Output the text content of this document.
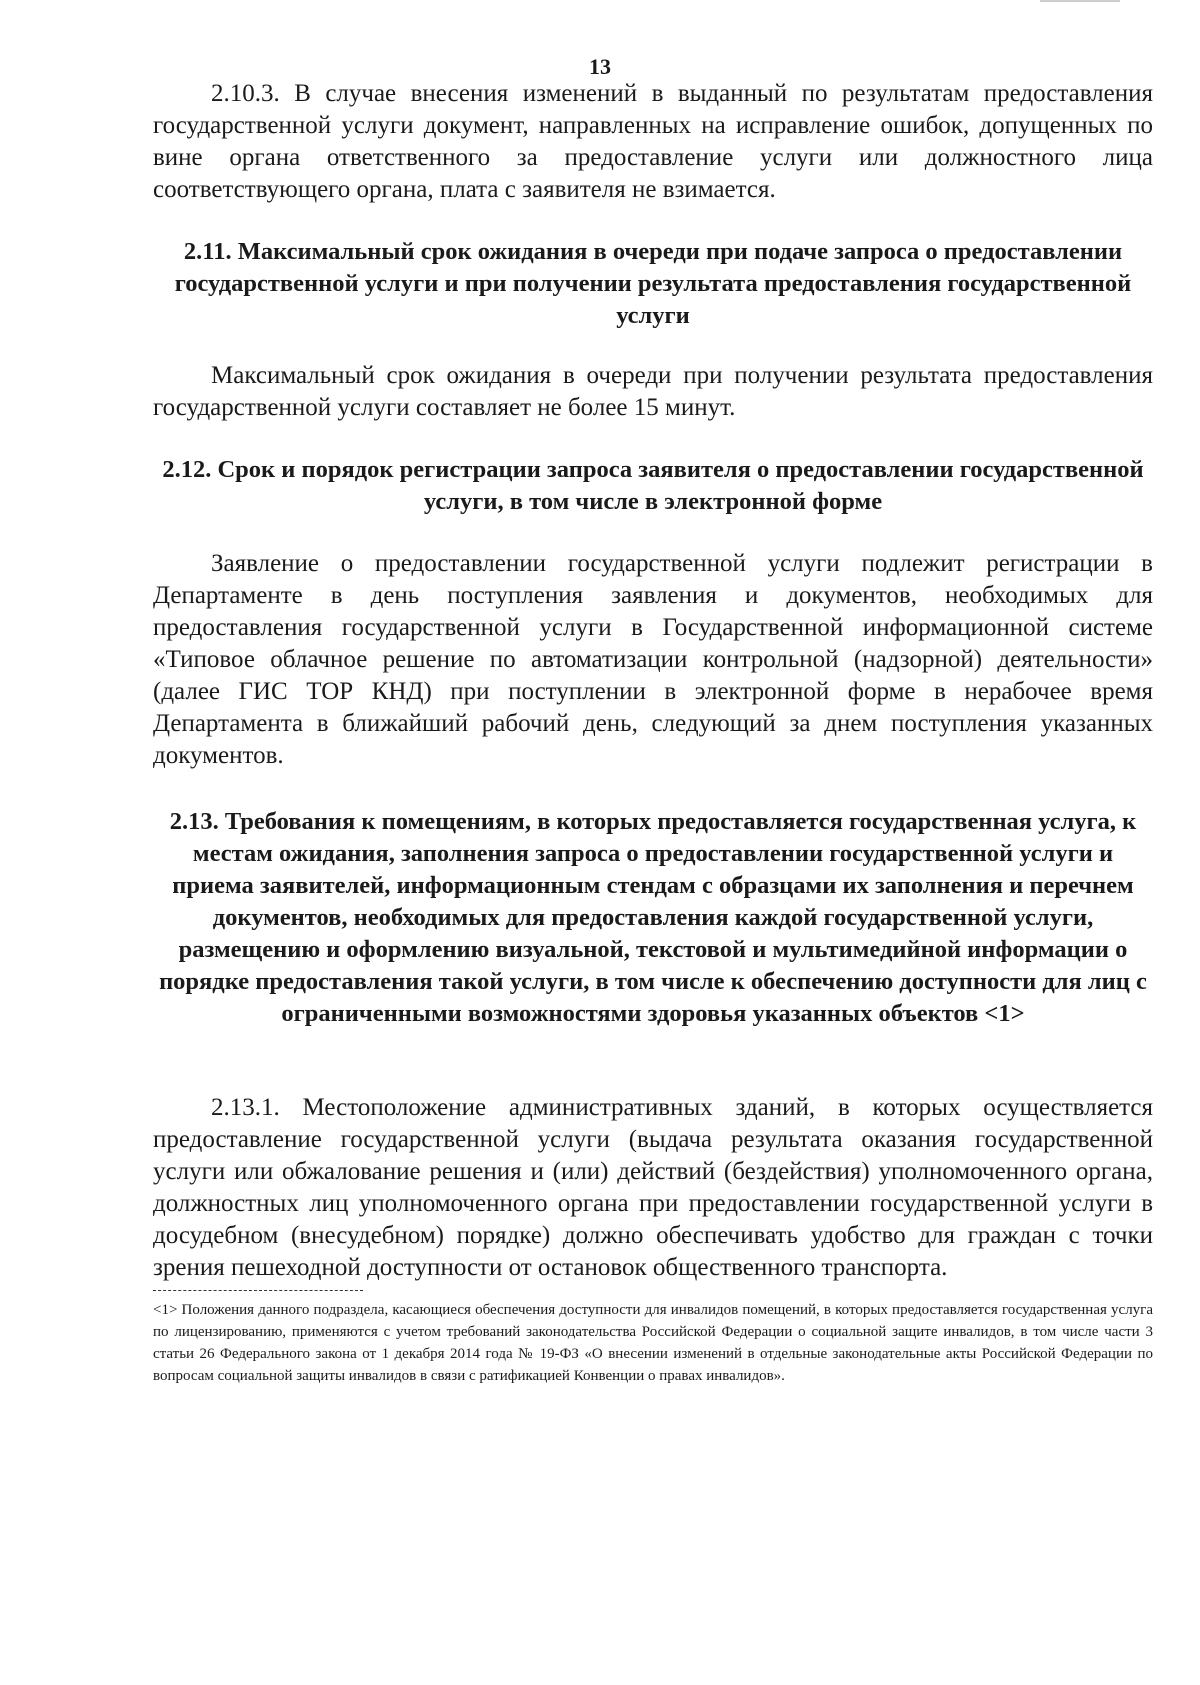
13

2.10.3. В случае внесения изменений в выданный по результатам предоставления государственной услуги документ, направленных на исправление ошибок, допущенных по вине органа ответственного за предоставление услуги или должностного лица соответствующего органа, плата с заявителя не взимается.

2.11. Максимальный срок ожидания в очереди при подаче запроса о предоставлении государственной услуги и при получении результата предоставления государственной услуги

Максимальный срок ожидания в очереди при получении результата предоставления государственной услуги составляет не более 15 минут.

2.12. Срок и порядок регистрации запроса заявителя о предоставлении государственной услуги, в том числе в электронной форме

Заявление о предоставлении государственной услуги подлежит регистрации в Департаменте в день поступления заявления и документов, необходимых для предоставления государственной услуги в Государственной информационной системе «Типовое облачное решение по автоматизации контрольной (надзорной) деятельности» (далее ГИС ТОР КНД) при поступлении в электронной форме в нерабочее время Департамента в ближайший рабочий день, следующий за днем поступления указанных документов.

2.13. Требования к помещениям, в которых предоставляется государственная услуга, к местам ожидания, заполнения запроса о предоставлении государственной услуги и приема заявителей, информационным стендам с образцами их заполнения и перечнем документов, необходимых для предоставления каждой государственной услуги, размещению и оформлению визуальной, текстовой и мультимедийной информации о порядке предоставления такой услуги, в том числе к обеспечению доступности для лиц с ограниченными возможностями здоровья указанных объектов <1>

2.13.1. Местоположение административных зданий, в которых осуществляется предоставление государственной услуги (выдача результата оказания государственной услуги или обжалование решения и (или) действий (бездействия) уполномоченного органа, должностных лиц уполномоченного органа при предоставлении государственной услуги в досудебном (внесудебном) порядке) должно обеспечивать удобство для граждан с точки зрения пешеходной доступности от остановок общественного транспорта.

<1> Положения данного подраздела, касающиеся обеспечения доступности для инвалидов помещений, в которых предоставляется государственная услуга по лицензированию, применяются с учетом требований законодательства Российской Федерации о социальной защите инвалидов, в том числе части 3 статьи 26 Федерального закона от 1 декабря 2014 года № 19-ФЗ «О внесении изменений в отдельные законодательные акты Российской Федерации по вопросам социальной защиты инвалидов в связи с ратификацией Конвенции о правах инвалидов».
